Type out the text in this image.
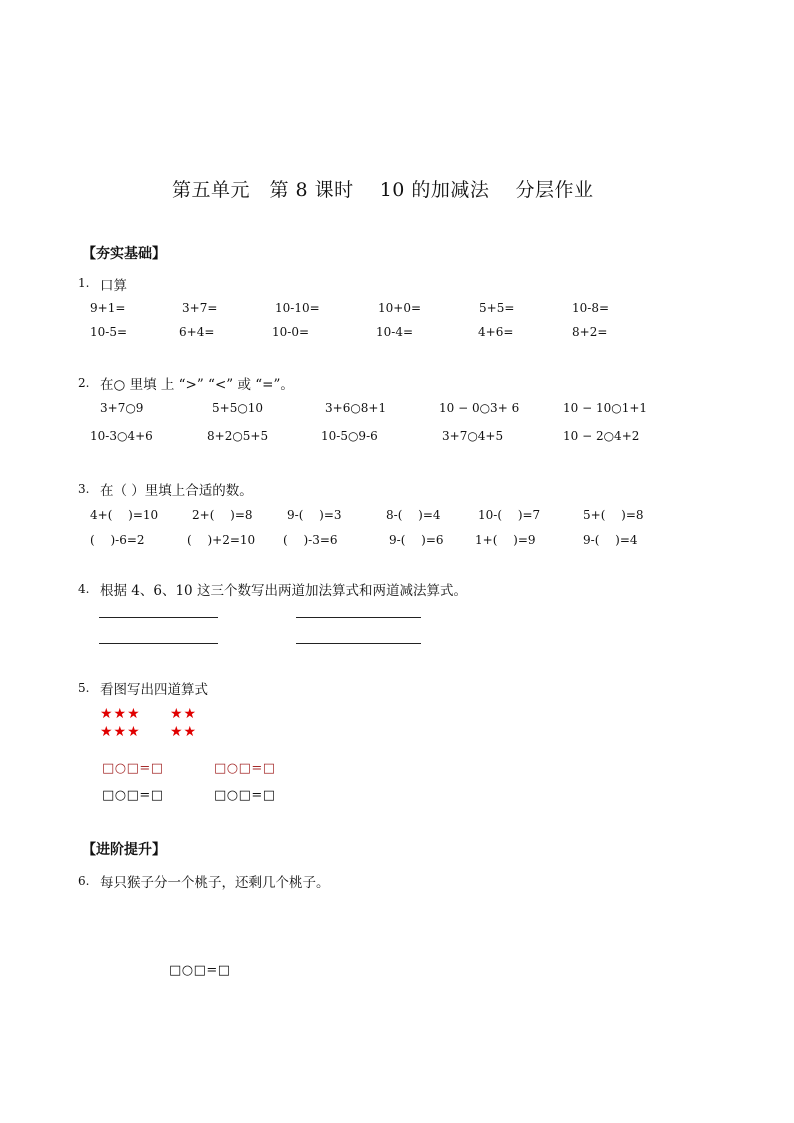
第五单元　第 8 课时　 10 的加减法　 分层作业
【夯实基础】
1. 口算
9+1=	3+7=	10-10=	10+0=	5+5=	10-8=
10-5=	6+4=	10-0=	10-4=	4+6=	8+2=
2. 在○ 里填 上 “>” “<” 或 “=”。
3+7○9	5+5○10	3+6○8+1	10 − 0○3+ 6	10 − 10○1+1
10-3○4+6	8+2○5+5	10-5○9-6	3+7○4+5	10 − 2○4+2
3. 在（ ）里填上合适的数。
4+(　 )=10	2+(　 )=8	9-(　 )=3	8-(　 )=4	10-(　 )=7	5+(　 )=8
(　 )-6=2	(　 )+2=10 (　 )-3=6	9-(　 )=6	1+(　 )=9	9-(　 )=4
4. 根据 4、6、10 这三个数写出两道加法算式和两道减法算式。
5. 看图写出四道算式
★★★ ★★
★★★ ★★
□○□=□	□○□=□
□○□=□	□○□=□
【进阶提升】
6. 每只猴子分一个桃子，还剩几个桃子。
□○□=□
